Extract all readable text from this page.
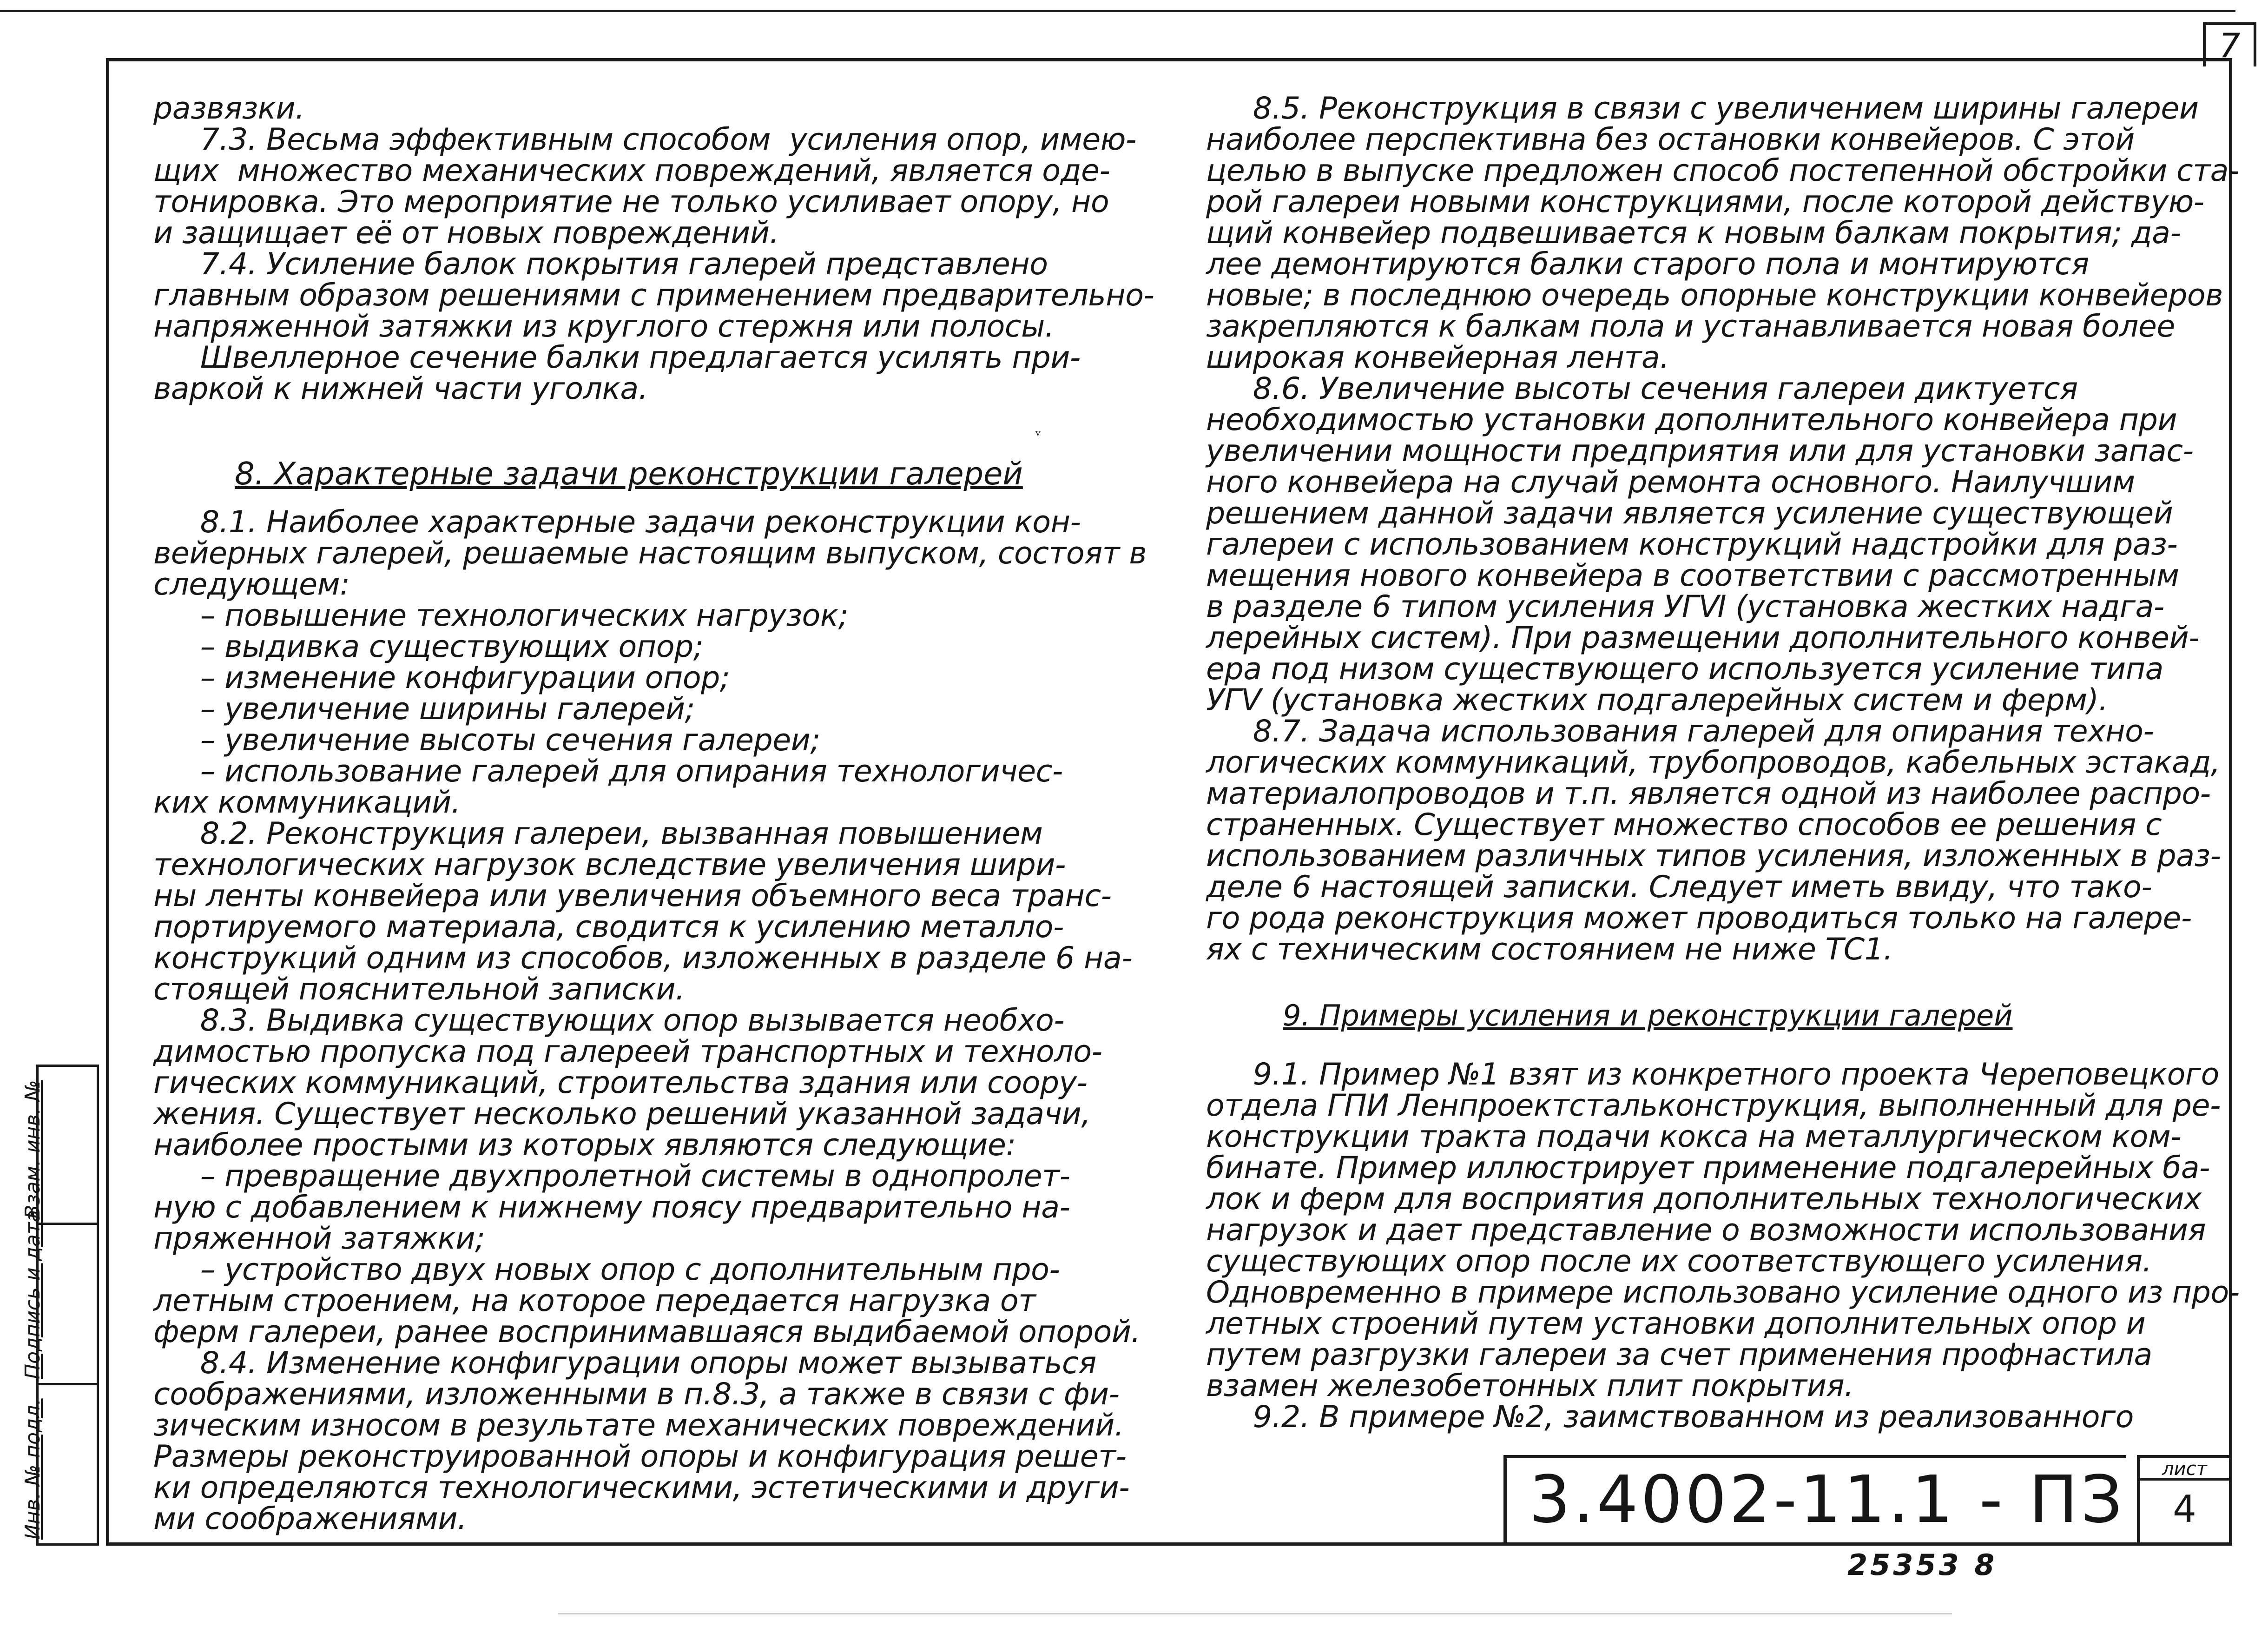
7
развязки.
7.3. Весьма эффективным способом  усиления опор, имею-
щих  множество механических повреждений, является оде-
тонировка. Это мероприятие не только усиливает опору, но
и защищает её от новых повреждений.
7.4. Усиление балок покрытия галерей представлено
главным образом решениями с применением предварительно-
напряженной затяжки из круглого стержня или полосы.
Швеллерное сечение балки предлагается усилять при-
варкой к нижней части уголка.
8. Характерные задачи реконструкции галерей
ᵛ
8.1. Наиболее характерные задачи реконструкции кон-
вейерных галерей, решаемые настоящим выпуском, состоят в
следующем:
– повышение технологических нагрузок;
– выдивка существующих опор;
– изменение конфигурации опор;
– увеличение ширины галерей;
– увеличение высоты сечения галереи;
– использование галерей для опирания технологичес-
ких коммуникаций.
8.2. Реконструкция галереи, вызванная повышением
технологических нагрузок вследствие увеличения шири-
ны ленты конвейера или увеличения объемного веса транс-
портируемого материала, сводится к усилению металло-
конструкций одним из способов, изложенных в разделе 6 на-
стоящей пояснительной записки.
8.3. Выдивка существующих опор вызывается необхо-
димостью пропуска под галереей транспортных и техноло-
гических коммуникаций, строительства здания или соору-
жения. Существует несколько решений указанной задачи,
наиболее простыми из которых являются следующие:
– превращение двухпролетной системы в однопролет-
ную с добавлением к нижнему поясу предварительно на-
пряженной затяжки;
– устройство двух новых опор с дополнительным про-
летным строением, на которое передается нагрузка от
ферм галереи, ранее воспринимавшаяся выдибаемой опорой.
8.4. Изменение конфигурации опоры может вызываться
соображениями, изложенными в п.8.3, а также в связи с фи-
зическим износом в результате механических повреждений.
Размеры реконструированной опоры и конфигурация решет-
ки определяются технологическими, эстетическими и други-
ми соображениями.
8.5. Реконструкция в связи с увеличением ширины галереи
наиболее перспективна без остановки конвейеров. С этой
целью в выпуске предложен способ постепенной обстройки ста-
рой галереи новыми конструкциями, после которой действую-
щий конвейер подвешивается к новым балкам покрытия; да-
лее демонтируются балки старого пола и монтируются
новые; в последнюю очередь опорные конструкции конвейеров
закрепляются к балкам пола и устанавливается новая более
широкая конвейерная лента.
8.6. Увеличение высоты сечения галереи диктуется
необходимостью установки дополнительного конвейера при
увеличении мощности предприятия или для установки запас-
ного конвейера на случай ремонта основного. Наилучшим
решением данной задачи является усиление существующей
галереи с использованием конструкций надстройки для раз-
мещения нового конвейера в соответствии с рассмотренным
в разделе 6 типом усиления УГⅥ (установка жестких надга-
лерейных систем). При размещении дополнительного конвей-
ера под низом существующего используется усиление типа
УГⅤ (установка жестких подгалерейных систем и ферм).
8.7. Задача использования галерей для опирания техно-
логических коммуникаций, трубопроводов, кабельных эстакад,
материалопроводов и т.п. является одной из наиболее распро-
страненных. Существует множество способов ее решения с
использованием различных типов усиления, изложенных в раз-
деле 6 настоящей записки. Следует иметь ввиду, что тако-
го рода реконструкция может проводиться только на галере-
ях с техническим состоянием не ниже ТС1.
9. Примеры усиления и реконструкции галерей
9.1. Пример №1 взят из конкретного проекта Череповецкого
отдела ГПИ Ленпроектстальконструкция, выполненный для ре-
конструкции тракта подачи кокса на металлургическом ком-
бинате. Пример иллюстрирует применение подгалерейных ба-
лок и ферм для восприятия дополнительных технологических
нагрузок и дает представление о возможности использования
существующих опор после их соответствующего усиления.
Одновременно в примере использовано усиление одного из про-
летных строений путем установки дополнительных опор и
путем разгрузки галереи за счет применения профнастила
взамен железобетонных плит покрытия.
9.2. В примере №2, заимствованном из реализованного
Взам. инв. №
Подпись и дата
Инв. № подл.	3.4002-11.1 - ПЗ	лист
4
25353 8
